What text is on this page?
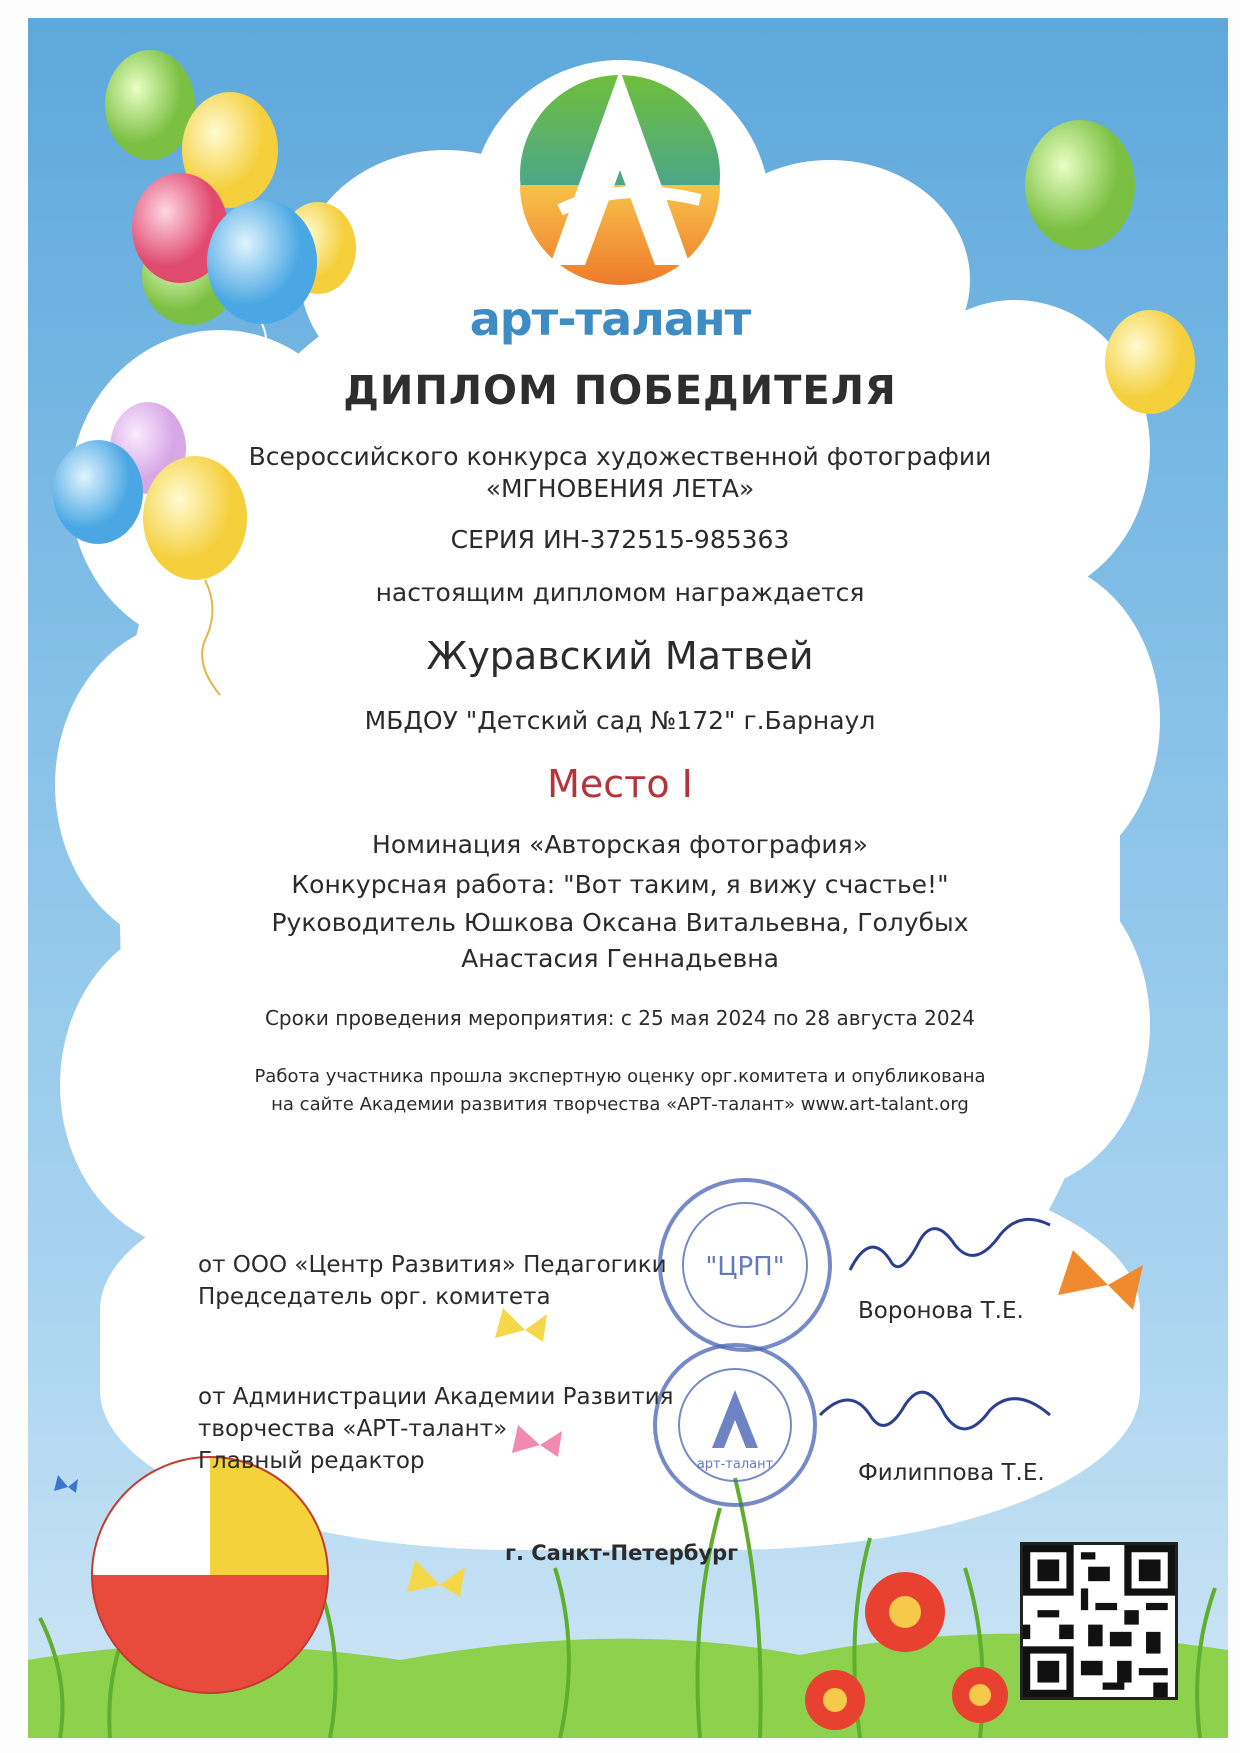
арт-талант
ДИПЛОМ ПОБЕДИТЕЛЯ
Всероссийского конкурса художественной фотографии
«МГНОВЕНИЯ ЛЕТА»
СЕРИЯ ИН-372515-985363
настоящим дипломом награждается
Журавский Матвей
МБДОУ "Детский сад №172" г.Барнаул
Место I
Номинация «Авторская фотография»
Конкурсная работа: "Вот таким, я вижу счастье!"
Руководитель Юшкова Оксана Витальевна, Голубых
Анастасия Геннадьевна
Сроки проведения мероприятия: с 25 мая 2024 по 28 августа 2024
Работа участника прошла экспертную оценку орг.комитета и опубликована
на сайте Академии развития творчества «АРТ-талант» www.art-talant.org
"ЦРП"
арт-талант
от ООО «Центр Развития» Педагогики
Председатель орг. комитета
Воронова Т.Е.
от Администрации Академии Развития
творчества «АРТ-талант»
Главный редактор	Филиппова Т.Е.
г. Санкт-Петербург
